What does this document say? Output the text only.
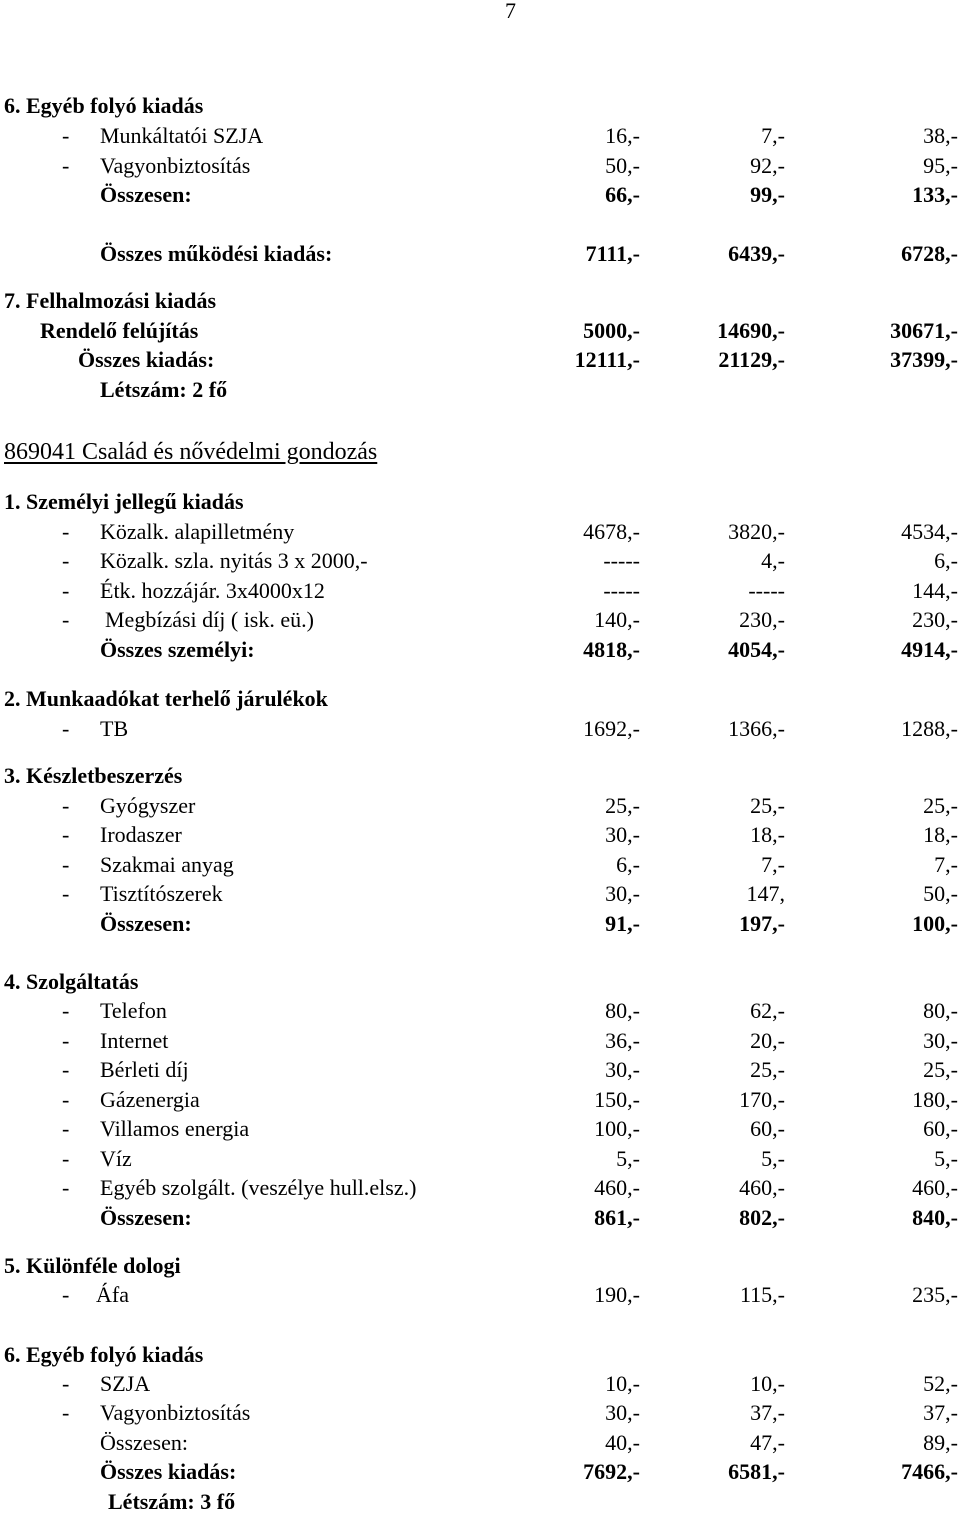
7
6. Egyéb folyó kiadás
- Munkáltatói SZJA	16,-	7,-	38,-
- Vagyonbiztosítás	50,-	92,-	95,-
Összesen:	66,-	99,-	133,-
Összes működési kiadás:	7111,-	6439,-	6728,-
7. Felhalmozási kiadás
Rendelő felújítás	5000,-	14690,-	30671,-
Összes kiadás:	12111,-	21129,-	37399,-
Létszám: 2 fő
869041 Család és nővédelmi gondozás
1. Személyi jellegű kiadás
- Közalk. alapilletmény	4678,-	3820,-	4534,-
- Közalk. szla. nyitás 3 x 2000,-	-----	4,-	6,-
- Étk. hozzájár. 3x4000x12	-----	-----	144,-
- Megbízási díj ( isk. eü.)	140,-	230,-	230,-
Összes személyi:	4818,-	4054,-	4914,-
2. Munkaadókat terhelő járulékok
- TB	1692,-	1366,-	1288,-
3. Készletbeszerzés
- Gyógyszer	25,-	25,-	25,-
- Irodaszer	30,-	18,-	18,-
- Szakmai anyag	6,-	7,-	7,-
- Tisztítószerek	30,-	147,	50,-
Összesen:	91,-	197,-	100,-
4. Szolgáltatás
- Telefon	80,-	62,-	80,-
- Internet	36,-	20,-	30,-
- Bérleti díj	30,-	25,-	25,-
- Gázenergia	150,-	170,-	180,-
- Villamos energia	100,-	60,-	60,-
- Víz	5,-	5,-	5,-
- Egyéb szolgált. (veszélye hull.elsz.)	460,-	460,-	460,-
Összesen:	861,-	802,-	840,-
5. Különféle dologi
- Áfa	190,-	115,-	235,-
6. Egyéb folyó kiadás
- SZJA	10,-	10,-	52,-
- Vagyonbiztosítás	30,-	37,-	37,-
Összesen:	40,-	47,-	89,-
Összes kiadás:	7692,-	6581,-	7466,-
Létszám: 3 fő
